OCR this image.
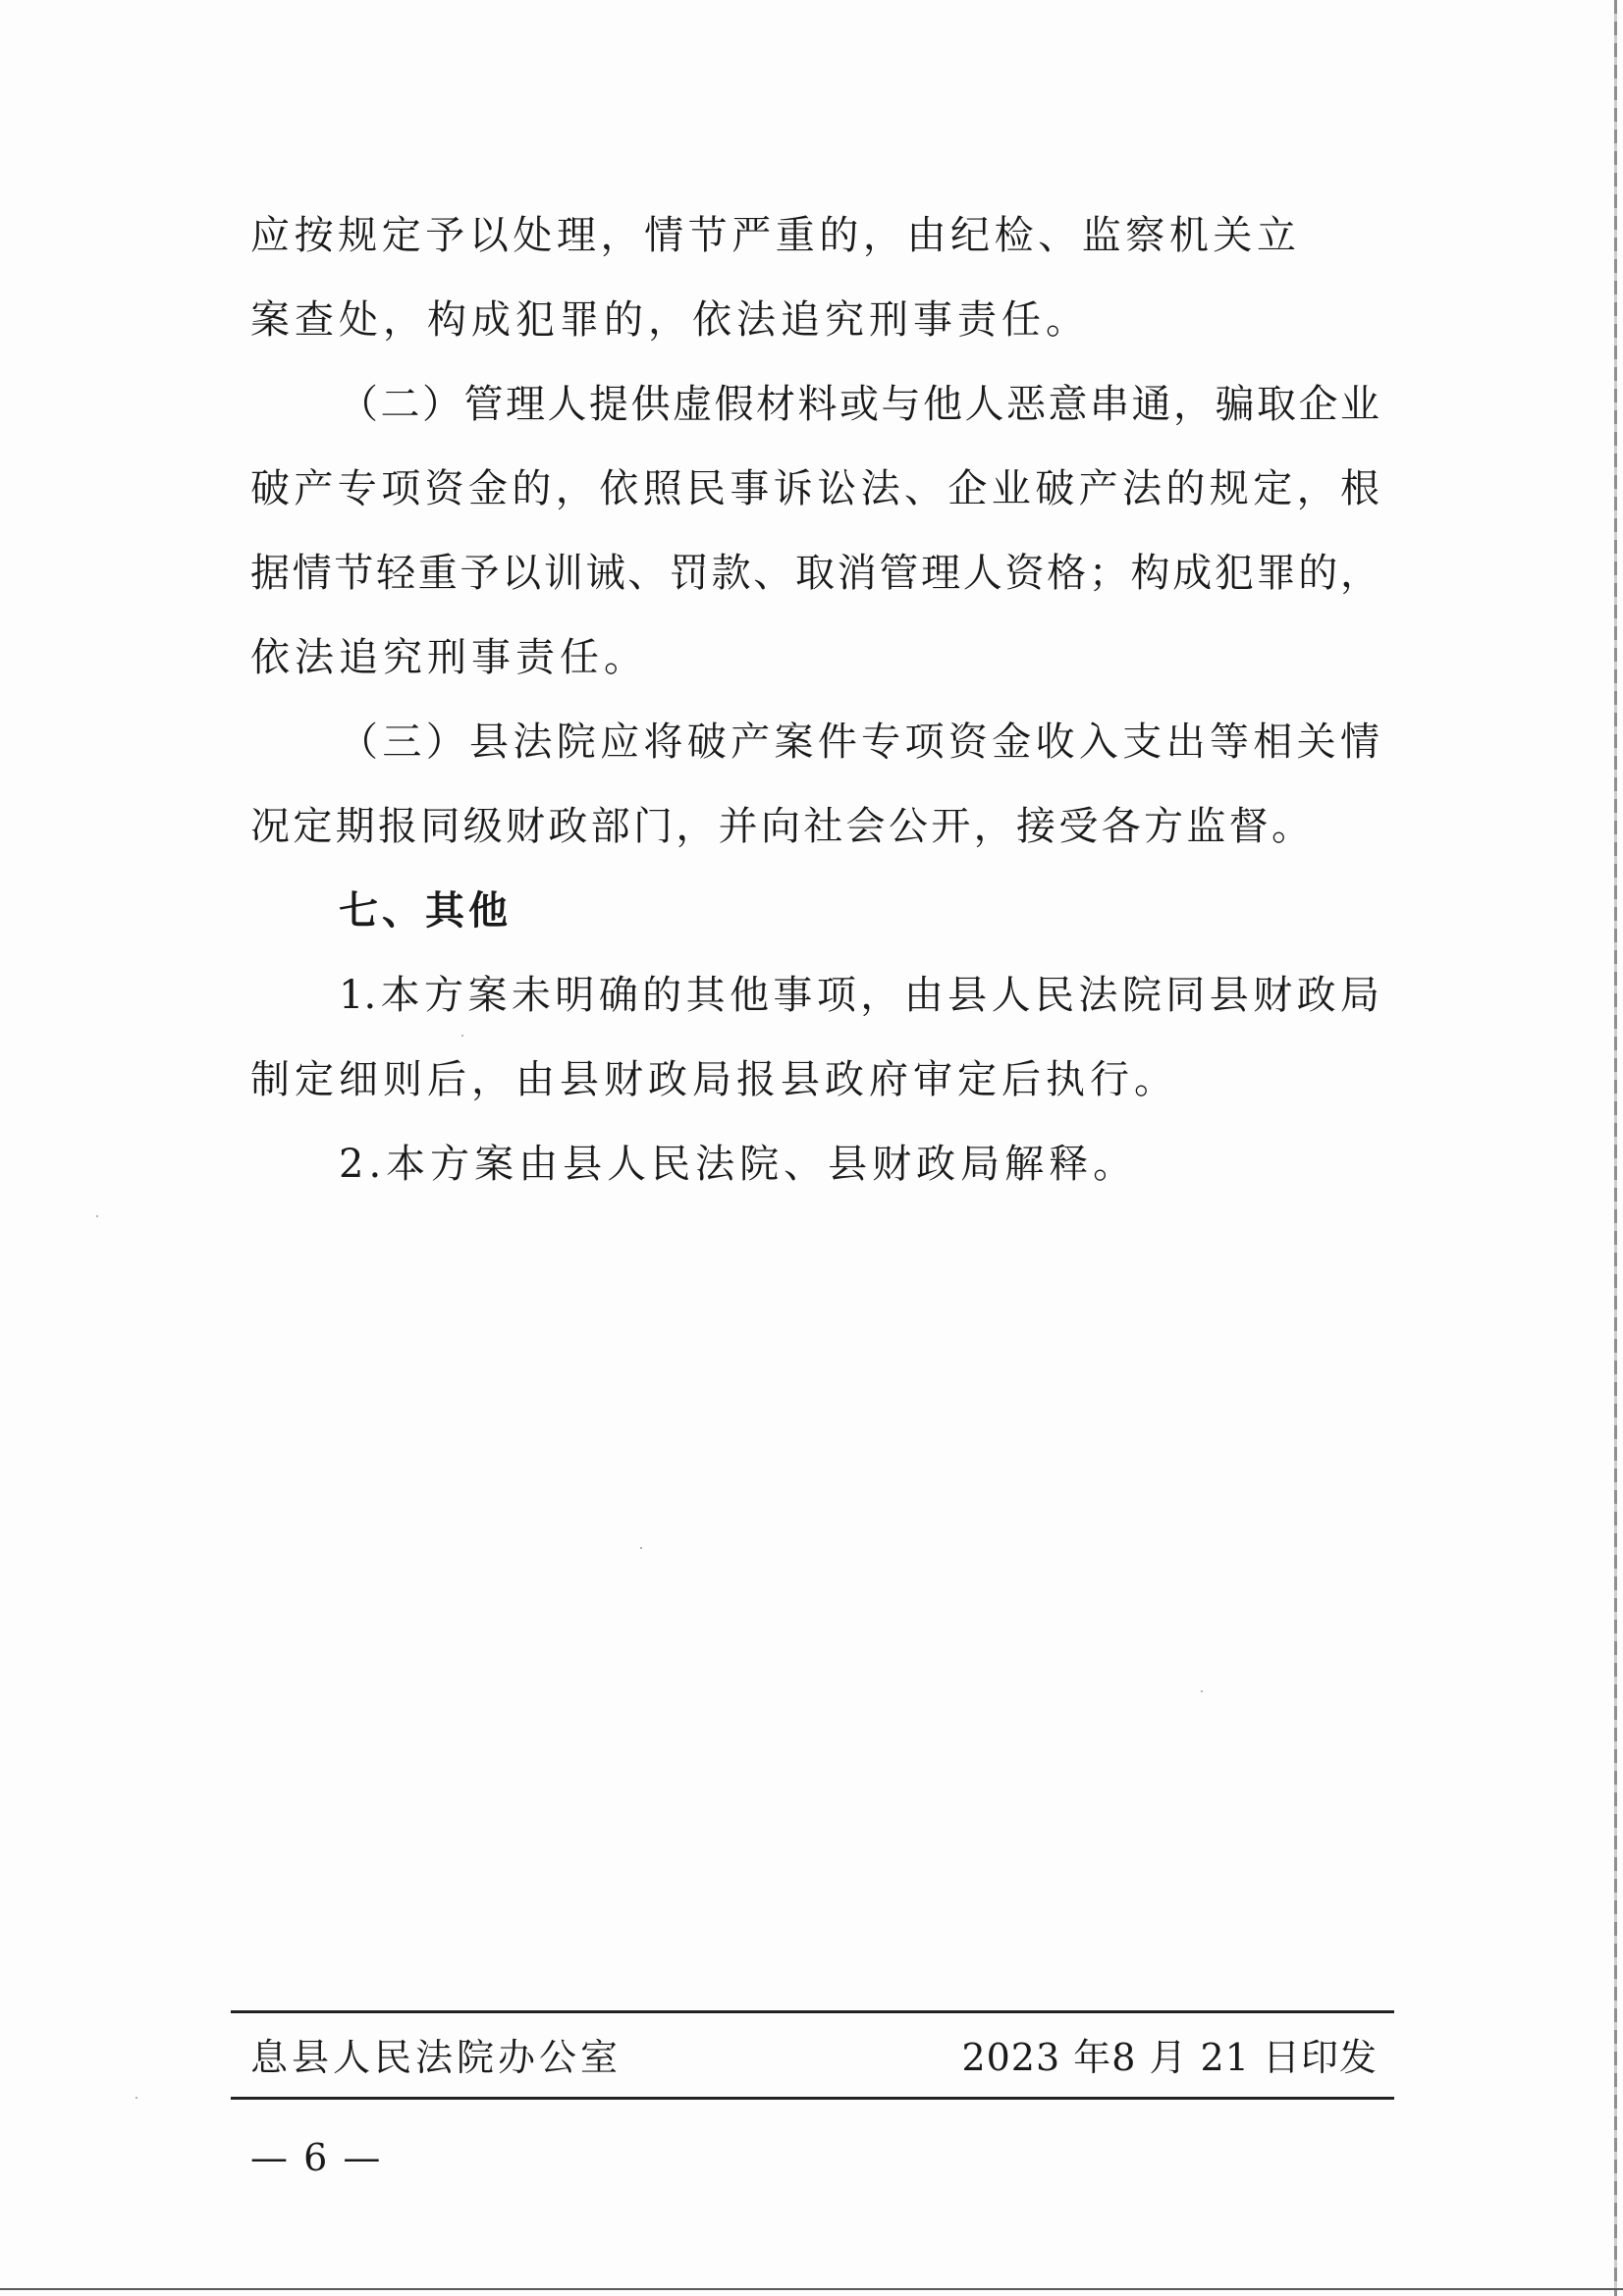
应按规定予以处理，情节严重的，由纪检、监察机关立
案查处，构成犯罪的，依法追究刑事责任。
（二）管理人提供虚假材料或与他人恶意串通，骗取企业
破产专项资金的，依照民事诉讼法、企业破产法的规定，根
据情节轻重予以训诫、罚款、取消管理人资格；构成犯罪的，
依法追究刑事责任。
（三）县法院应将破产案件专项资金收入支出等相关情
况定期报同级财政部门，并向社会公开，接受各方监督。
七、其他
1.本方案未明确的其他事项，由县人民法院同县财政局
制定细则后，由县财政局报县政府审定后执行。
2.本方案由县人民法院、县财政局解释。
息县人民法院办公室	2023 年8 月 21 日印发
— 6 —
